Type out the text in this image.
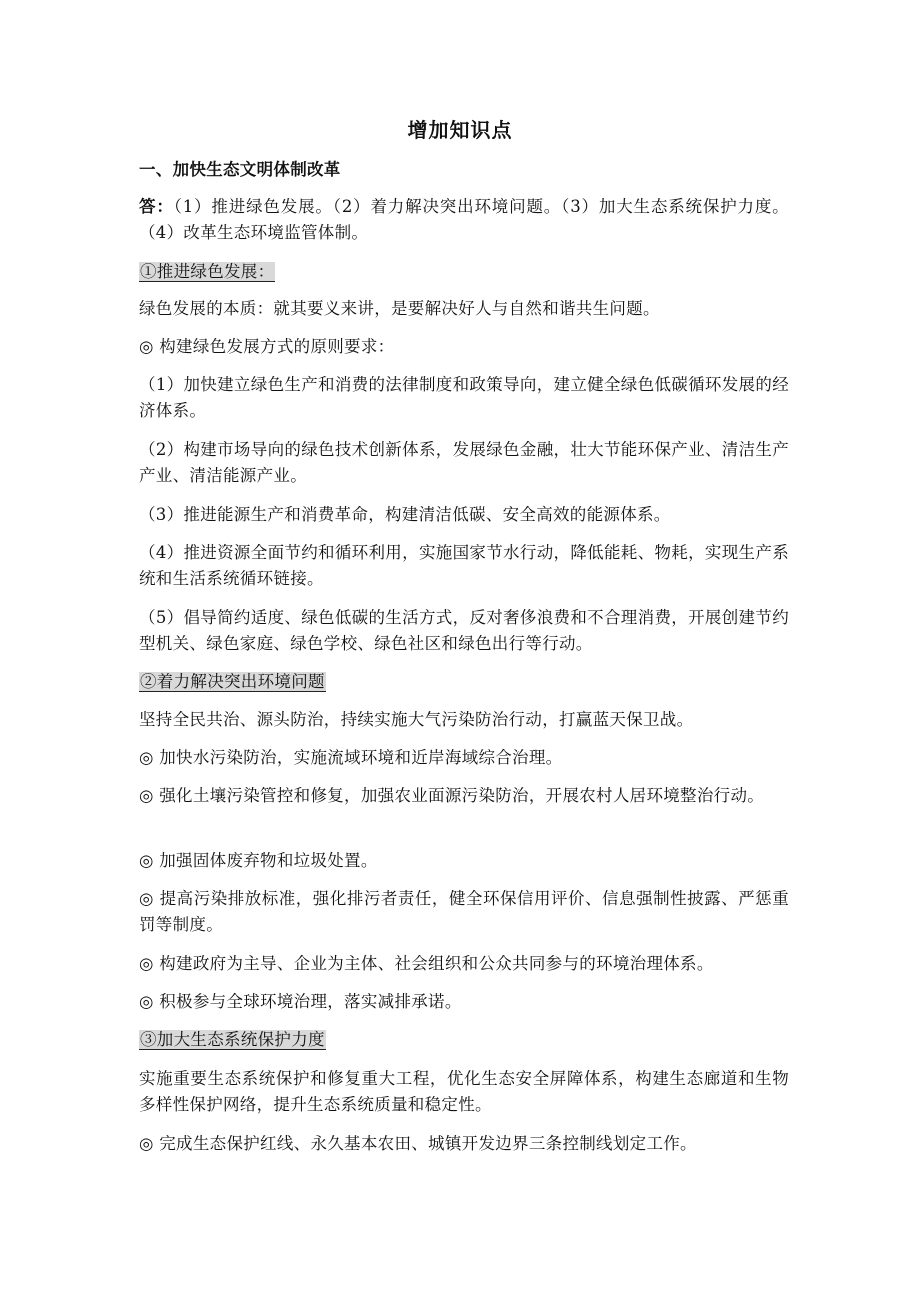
增加知识点
一、加快生态文明体制改革
答：（1）推进绿色发展。（2）着力解决突出环境问题。（3）加大生态系统保护力度。（4）改革生态环境监管体制。
①推进绿色发展：
绿色发展的本质：就其要义来讲，是要解决好人与自然和谐共生问题。
◎ 构建绿色发展方式的原则要求：
（1）加快建立绿色生产和消费的法律制度和政策导向，建立健全绿色低碳循环发展的经济体系。
（2）构建市场导向的绿色技术创新体系，发展绿色金融，壮大节能环保产业、清洁生产产业、清洁能源产业。
（3）推进能源生产和消费革命，构建清洁低碳、安全高效的能源体系。
（4）推进资源全面节约和循环利用，实施国家节水行动，降低能耗、物耗，实现生产系统和生活系统循环链接。
（5）倡导简约适度、绿色低碳的生活方式，反对奢侈浪费和不合理消费，开展创建节约型机关、绿色家庭、绿色学校、绿色社区和绿色出行等行动。
②着力解决突出环境问题
坚持全民共治、源头防治，持续实施大气污染防治行动，打赢蓝天保卫战。
◎ 加快水污染防治，实施流域环境和近岸海域综合治理。
◎ 强化土壤污染管控和修复，加强农业面源污染防治，开展农村人居环境整治行动。
◎ 加强固体废弃物和垃圾处置。
◎ 提高污染排放标准，强化排污者责任，健全环保信用评价、信息强制性披露、严惩重罚等制度。
◎ 构建政府为主导、企业为主体、社会组织和公众共同参与的环境治理体系。
◎ 积极参与全球环境治理，落实减排承诺。
③加大生态系统保护力度
实施重要生态系统保护和修复重大工程，优化生态安全屏障体系，构建生态廊道和生物多样性保护网络，提升生态系统质量和稳定性。
◎ 完成生态保护红线、永久基本农田、城镇开发边界三条控制线划定工作。
